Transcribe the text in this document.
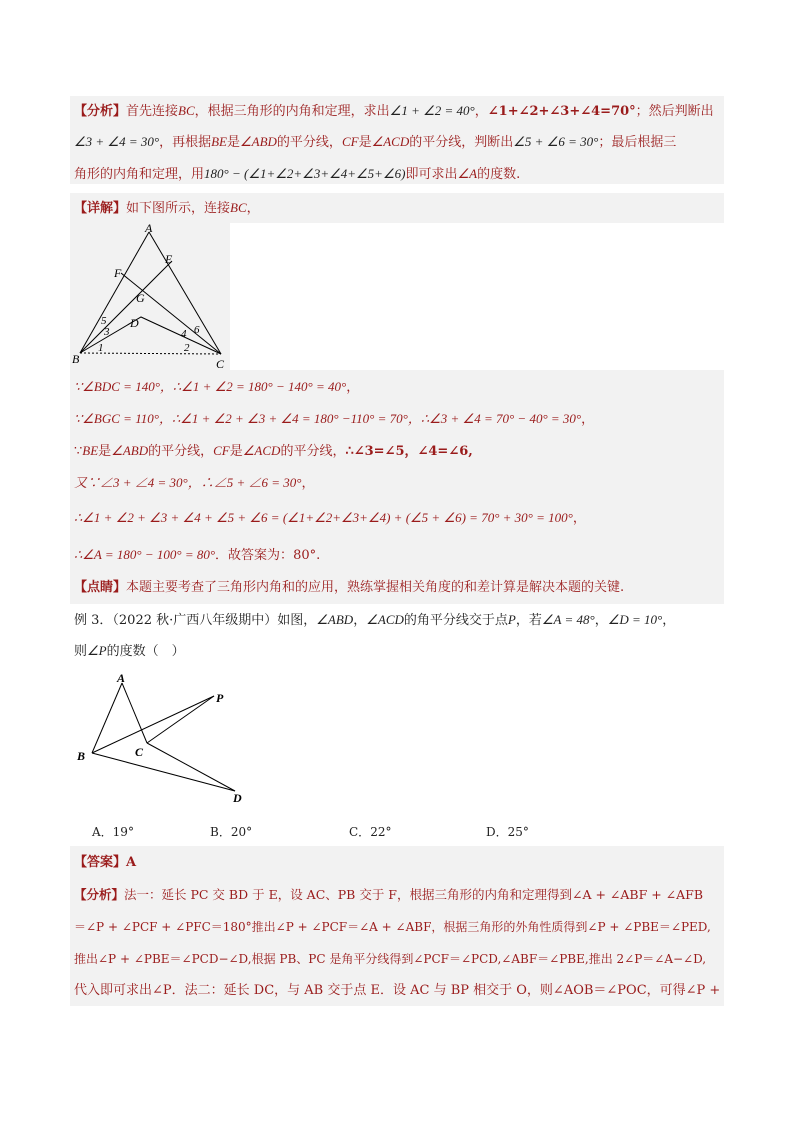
【分析】首先连接BC，根据三角形的内角和定理，求出∠1 + ∠2 = 40°，∠1+∠2+∠3+∠4=70°；然后判断出
∠3 + ∠4 = 30°，再根据BE是∠ABD的平分线，CF是∠ACD的平分线，判断出∠5 + ∠6 = 30°；最后根据三
角形的内角和定理，用180° − (∠1+∠2+∠3+∠4+∠5+∠6)即可求出∠A的度数.
【详解】如下图所示，连接BC，
A
E
F
G
D
B	C
1	2
3	4
5
6
∵∠BDC = 140°，∴∠1 + ∠2 = 180° − 140° = 40°，
∵∠BGC = 110°，∴∠1 + ∠2 + ∠3 + ∠4 = 180° −110° = 70°，∴∠3 + ∠4 = 70° − 40° = 30°，
∵BE是∠ABD的平分线，CF是∠ACD的平分线，∴∠3=∠5，∠4=∠6,
又∵∠3 + ∠4 = 30°，∴∠5 + ∠6 = 30°，
∴∠1 + ∠2 + ∠3 + ∠4 + ∠5 + ∠6 = (∠1+∠2+∠3+∠4) + (∠5 + ∠6) = 70° + 30° = 100°，
∴∠A = 180° − 100° = 80°．故答案为：80°.
【点睛】本题主要考查了三角形内角和的应用，熟练掌握相关角度的和差计算是解决本题的关键.
例 3．（2022 秋·广西八年级期中）如图，∠ABD，∠ACD的角平分线交于点P，若∠A = 48°，∠D = 10°，
则∠P的度数（　）
A
P
B	C
D
A．19°	B．20°	C．22°	D．25°
【答案】A
【分析】法一：延长 PC 交 BD 于 E，设 AC、PB 交于 F，根据三角形的内角和定理得到∠A + ∠ABF + ∠AFB
＝∠P + ∠PCF + ∠PFC＝180°推出∠P + ∠PCF＝∠A + ∠ABF，根据三角形的外角性质得到∠P + ∠PBE＝∠PED,
推出∠P + ∠PBE＝∠PCD−∠D,根据 PB、PC 是角平分线得到∠PCF＝∠PCD,∠ABF＝∠PBE,推出 2∠P＝∠A−∠D,
代入即可求出∠P．法二：延长 DC，与 AB 交于点 E．设 AC 与 BP 相交于 O，则∠AOB＝∠POC，可得∠P +
